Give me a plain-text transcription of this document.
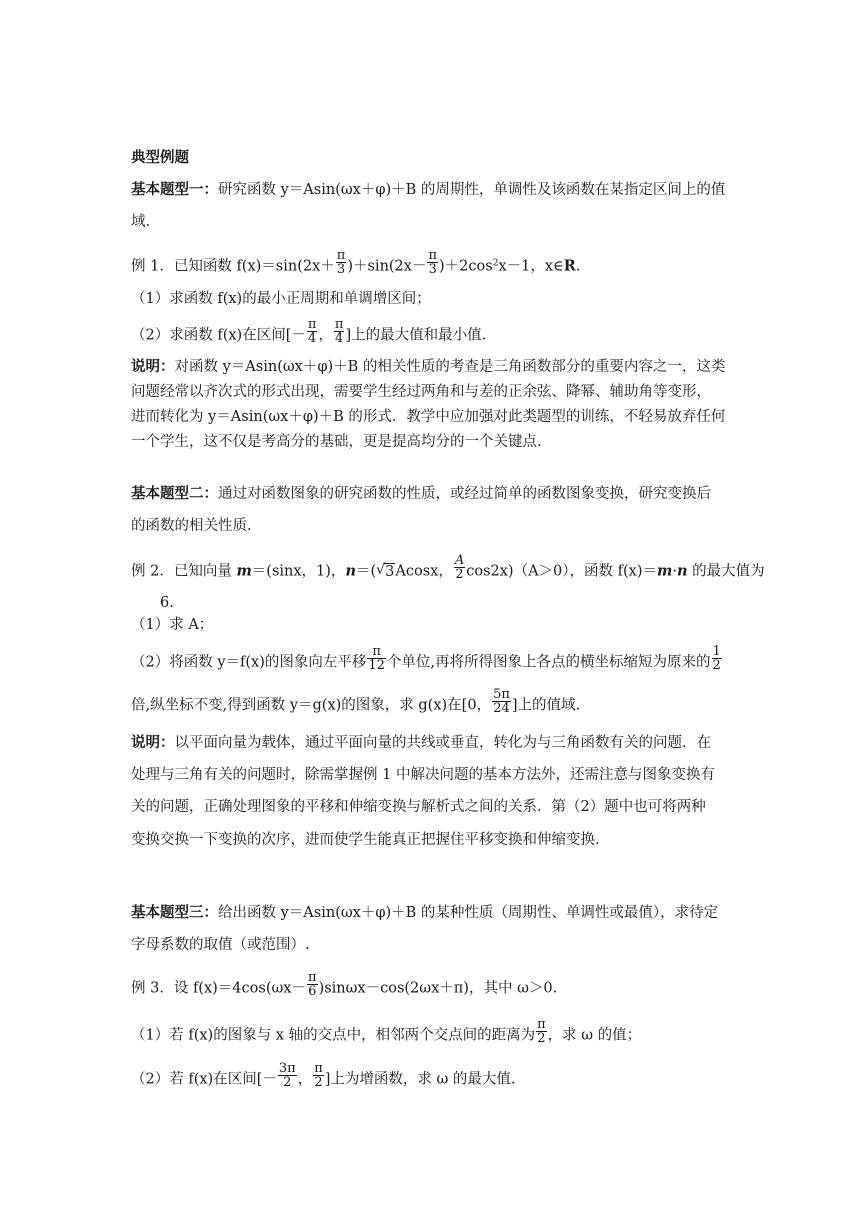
典型例题
基本题型一：研究函数 y＝Asin(ωx＋φ)＋B 的周期性，单调性及该函数在某指定区间上的值
域.
例 1．已知函数 $f(x)=\sin(2x+ \frac{\pi}{3} )+\sin(2x- \frac{\pi}{3} )+2\cos^2x-1$，x∈R.
（1）求函数 f(x)的最小正周期和单调增区间；
（2）求函数 f(x)在区间[－ $\frac{\pi}{4}$ ， $\frac{\pi}{4}$ ]上的最大值和最小值.
说明：对函数 y＝Asin(ωx＋φ)＋B 的相关性质的考查是三角函数部分的重要内容之一，这类
问题经常以齐次式的形式出现，需要学生经过两角和与差的正余弦、降幂、辅助角等变形，
进而转化为 y＝Asin(ωx＋φ)＋B 的形式．教学中应加强对此类题型的训练，不轻易放弃任何
一个学生，这不仅是考高分的基础，更是提高均分的一个关键点.
基本题型二：通过对函数图象的研究函数的性质，或经过简单的函数图象变换，研究变换后
的函数的相关性质.
例 2．已知向量 m＝(sinx，1)，n＝( √ 3Acosx， $\frac{A}{2} \cos 2x)(A>0)$，函数 f(x)＝m·n 的最大值为
6.
（1）求 A；
（2）将函数 y＝f(x)的图象向左平移 $\frac{\pi}{12}$ 个单位,再将所得图象上各点的横坐标缩短为原来的 $\frac{1}{2}$
倍,纵坐标不变,得到函数 y＝g(x)的图象，求 g(x)在[0， $\frac{5\pi}{24}$ ]上的值域.
说明：以平面向量为载体，通过平面向量的共线或垂直，转化为与三角函数有关的问题．在
处理与三角有关的问题时，除需掌握例 1 中解决问题的基本方法外，还需注意与图象变换有
关的问题，正确处理图象的平移和伸缩变换与解析式之间的关系．第（2）题中也可将两种
变换交换一下变换的次序，进而使学生能真正把握住平移变换和伸缩变换.
基本题型三：给出函数 y＝Asin(ωx＋φ)＋B 的某种性质（周期性、单调性或最值），求待定
字母系数的取值（或范围）.
例 3．设 $f(x)=4\cos(\omega x- \frac{\pi}{6} )\sin\omega x-\cos(2\omega x+\pi)$，其中 ω＞0.
（1）若 f(x)的图象与 x 轴的交点中，相邻两个交点间的距离为 $\frac{\pi}{2}$ ，求 ω 的值；
（2）若 f(x)在区间[－ $\frac{3\pi}{2}$ ， $\frac{\pi}{2}$ ]上为增函数，求 ω 的最大值.
